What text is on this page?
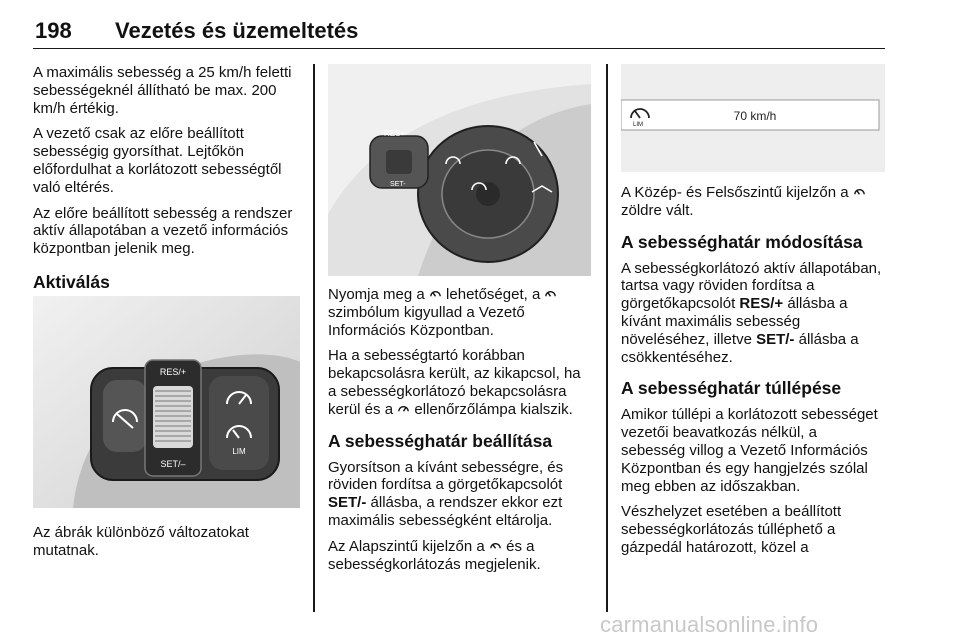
198 Vezetés és üzemeltetés

A maximális sebesség a 25 km/h feletti sebességeknél állítható be max. 200 km/h értékig.

A vezető csak az előre beállított sebességig gyorsíthat. Lejtőkön előfordulhat a korlátozott sebességtől való eltérés.

Az előre beállított sebesség a rendszer aktív állapotában a vezető információs központban jelenik meg.

Aktiválás
RES/+
SET/–
LIM

Az ábrák különböző változatokat mutatnak.

RES+
SET-

Nyomja meg a lehetőséget, a  szimbólum kigyullad a Vezető Információs Központban.

Ha a sebességtartó korábban bekapcsolásra került, az kikapcsol, ha a sebességkorlátozó bekapcsolásra kerül és a ellenőrzőlámpa kialszik.

A sebességhatár beállítása

Gyorsítson a kívánt sebességre, és röviden fordítsa a görgetőkapcsolót SET/- állásba, a rendszer ekkor ezt maximális sebességként eltárolja.

Az Alapszintű kijelzőn a és a sebességkorlátozás megjelenik.

LIM
70 km/h

A Közép- és Felsőszintű kijelzőn a  zöldre vált.

A sebességhatár módosítása

A sebességkorlátozó aktív állapotában, tartsa vagy röviden fordítsa a görgetőkapcsolót RES/+ állásba a kívánt maximális sebesség növeléséhez, illetve SET/- állásba a csökkentéséhez.

A sebességhatár túllépése

Amikor túllépi a korlátozott sebességet vezetői beavatkozás nélkül, a sebesség villog a Vezető Információs Központban és egy hangjelzés szólal meg ebben az időszakban.

Vészhelyzet esetében a beállított sebességkorlátozás túlléphető a gázpedál határozott, közel a

carmanualsonline.info
